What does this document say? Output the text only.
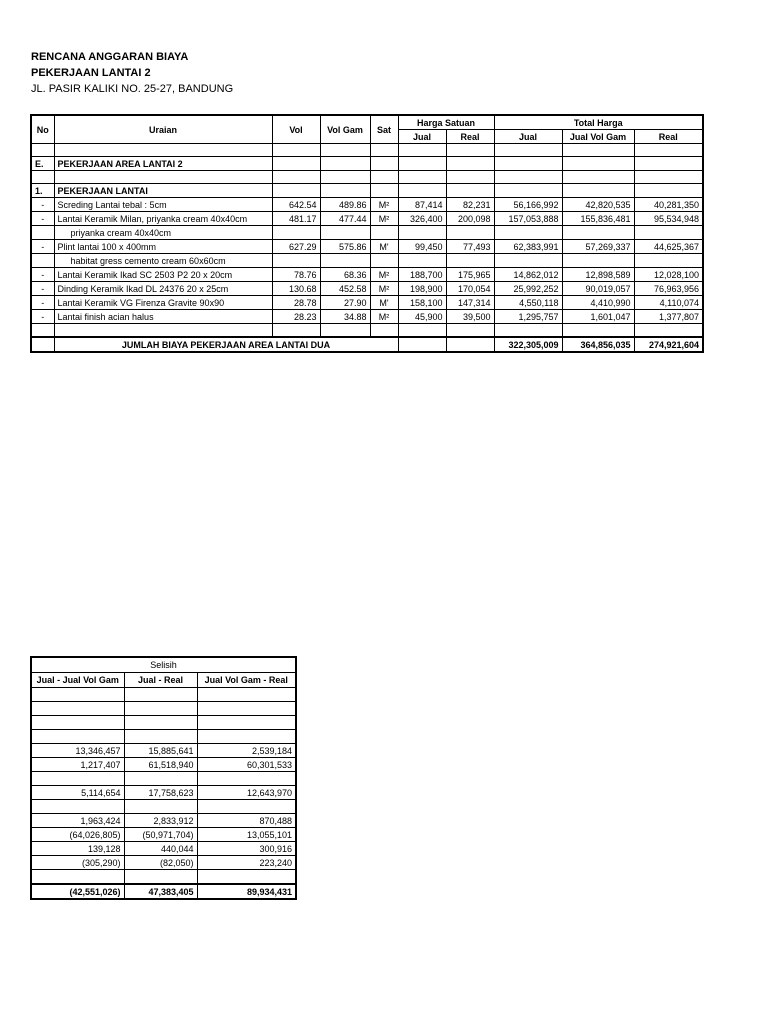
RENCANA ANGGARAN BIAYA
PEKERJAAN LANTAI 2
JL. PASIR KALIKI NO. 25-27, BANDUNG
No	Uraian	Vol	Vol Gam	Sat	Harga Satuan		Total Harga		
					Jual	Real	Jual	Jual Vol Gam	Real

E.	PEKERJAAN AREA LANTAI 2								

1.	PEKERJAAN LANTAI								
-	Screding Lantai tebal : 5cm	642.54	489.86	M²	87,414	82,231	56,166,992	42,820,535	40,281,350
-	Lantai Keramik Milan, priyanka cream 40x40cm	481.17	477.44	M²	326,400	200,098	157,053,888	155,836,481	95,534,948
	priyanka cream 40x40cm								
-	Plint lantai 100 x 400mm	627.29	575.86	M'	99,450	77,493	62,383,991	57,269,337	44,625,367
	habitat gress cemento cream 60x60cm								
-	Lantai Keramik Ikad SC 2503 P2 20 x 20cm	78.76	68.36	M²	188,700	175,965	14,862,012	12,898,589	12,028,100
-	Dinding Keramik Ikad DL 24376 20 x 25cm	130.68	452.58	M²	198,900	170,054	25,992,252	90,019,057	76,963,956
-	Lantai Keramik VG Firenza Gravite 90x90	28.78	27.90	M'	158,100	147,314	4,550,118	4,410,990	4,110,074
-	Lantai finish acian halus	28.23	34.88	M²	45,900	39,500	1,295,757	1,601,047	1,377,807

	JUMLAH BIAYA PEKERJAAN AREA LANTAI DUA						322,305,009	364,856,035	274,921,604
Selisih		
Jual - Jual Vol Gam	Jual - Real	Jual Vol Gam - Real

13,346,457	15,885,641	2,539,184
1,217,407	61,518,940	60,301,533

5,114,654	17,758,623	12,643,970

1,963,424	2,833,912	870,488
(64,026,805)	(50,971,704)	13,055,101
139,128	440,044	300,916
(305,290)	(82,050)	223,240

(42,551,026)	47,383,405	89,934,431
